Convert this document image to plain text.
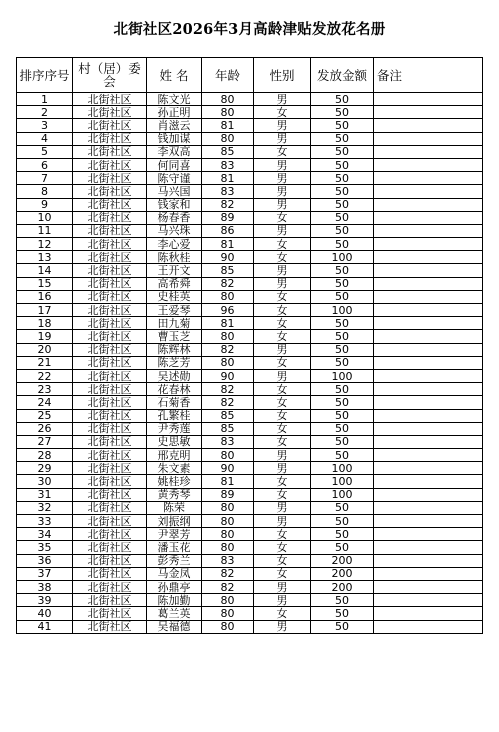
北街社区2026年3月高龄津贴发放花名册
排序序号	村（居）委会	姓 名	年龄	性别	发放金额	备注
1	北街社区	陈文光	80	男	50	
2	北街社区	孙正明	80	女	50	
3	北街社区	肖滋云	81	男	50	
4	北街社区	钱加谋	80	男	50	
5	北街社区	李双高	85	女	50	
6	北街社区	何同喜	83	男	50	
7	北街社区	陈守谨	81	男	50	
8	北街社区	马兴国	83	男	50	
9	北街社区	钱家和	82	男	50	
10	北街社区	杨春香	89	女	50	
11	北街社区	马兴珠	86	男	50	
12	北街社区	李心爱	81	女	50	
13	北街社区	陈秋桂	90	女	100	
14	北街社区	王开文	85	男	50	
15	北街社区	高希舜	82	男	50	
16	北街社区	史桂英	80	女	50	
17	北街社区	王爱琴	96	女	100	
18	北街社区	田九菊	81	女	50	
19	北街社区	曹玉芝	80	女	50	
20	北街社区	陈辉林	82	男	50	
21	北街社区	陈芝芳	80	女	50	
22	北街社区	吴述勋	90	男	100	
23	北街社区	花春林	82	女	50	
24	北街社区	石菊香	82	女	50	
25	北街社区	孔繁桂	85	女	50	
26	北街社区	尹秀莲	85	女	50	
27	北街社区	史思敏	83	女	50	
28	北街社区	邢克明	80	男	50	
29	北街社区	朱文素	90	男	100	
30	北街社区	姚桂珍	81	女	100	
31	北街社区	黄秀琴	89	女	100	
32	北街社区	陈荣	80	男	50	
33	北街社区	刘振纲	80	男	50	
34	北街社区	尹翠芳	80	女	50	
35	北街社区	潘玉花	80	女	50	
36	北街社区	彭秀兰	83	女	200	
37	北街社区	马金凤	82	女	200	
38	北街社区	孙鼎亭	82	男	200	
39	北街社区	陈加勤	80	男	50	
40	北街社区	葛兰英	80	女	50	
41	北街社区	吴福德	80	男	50	
